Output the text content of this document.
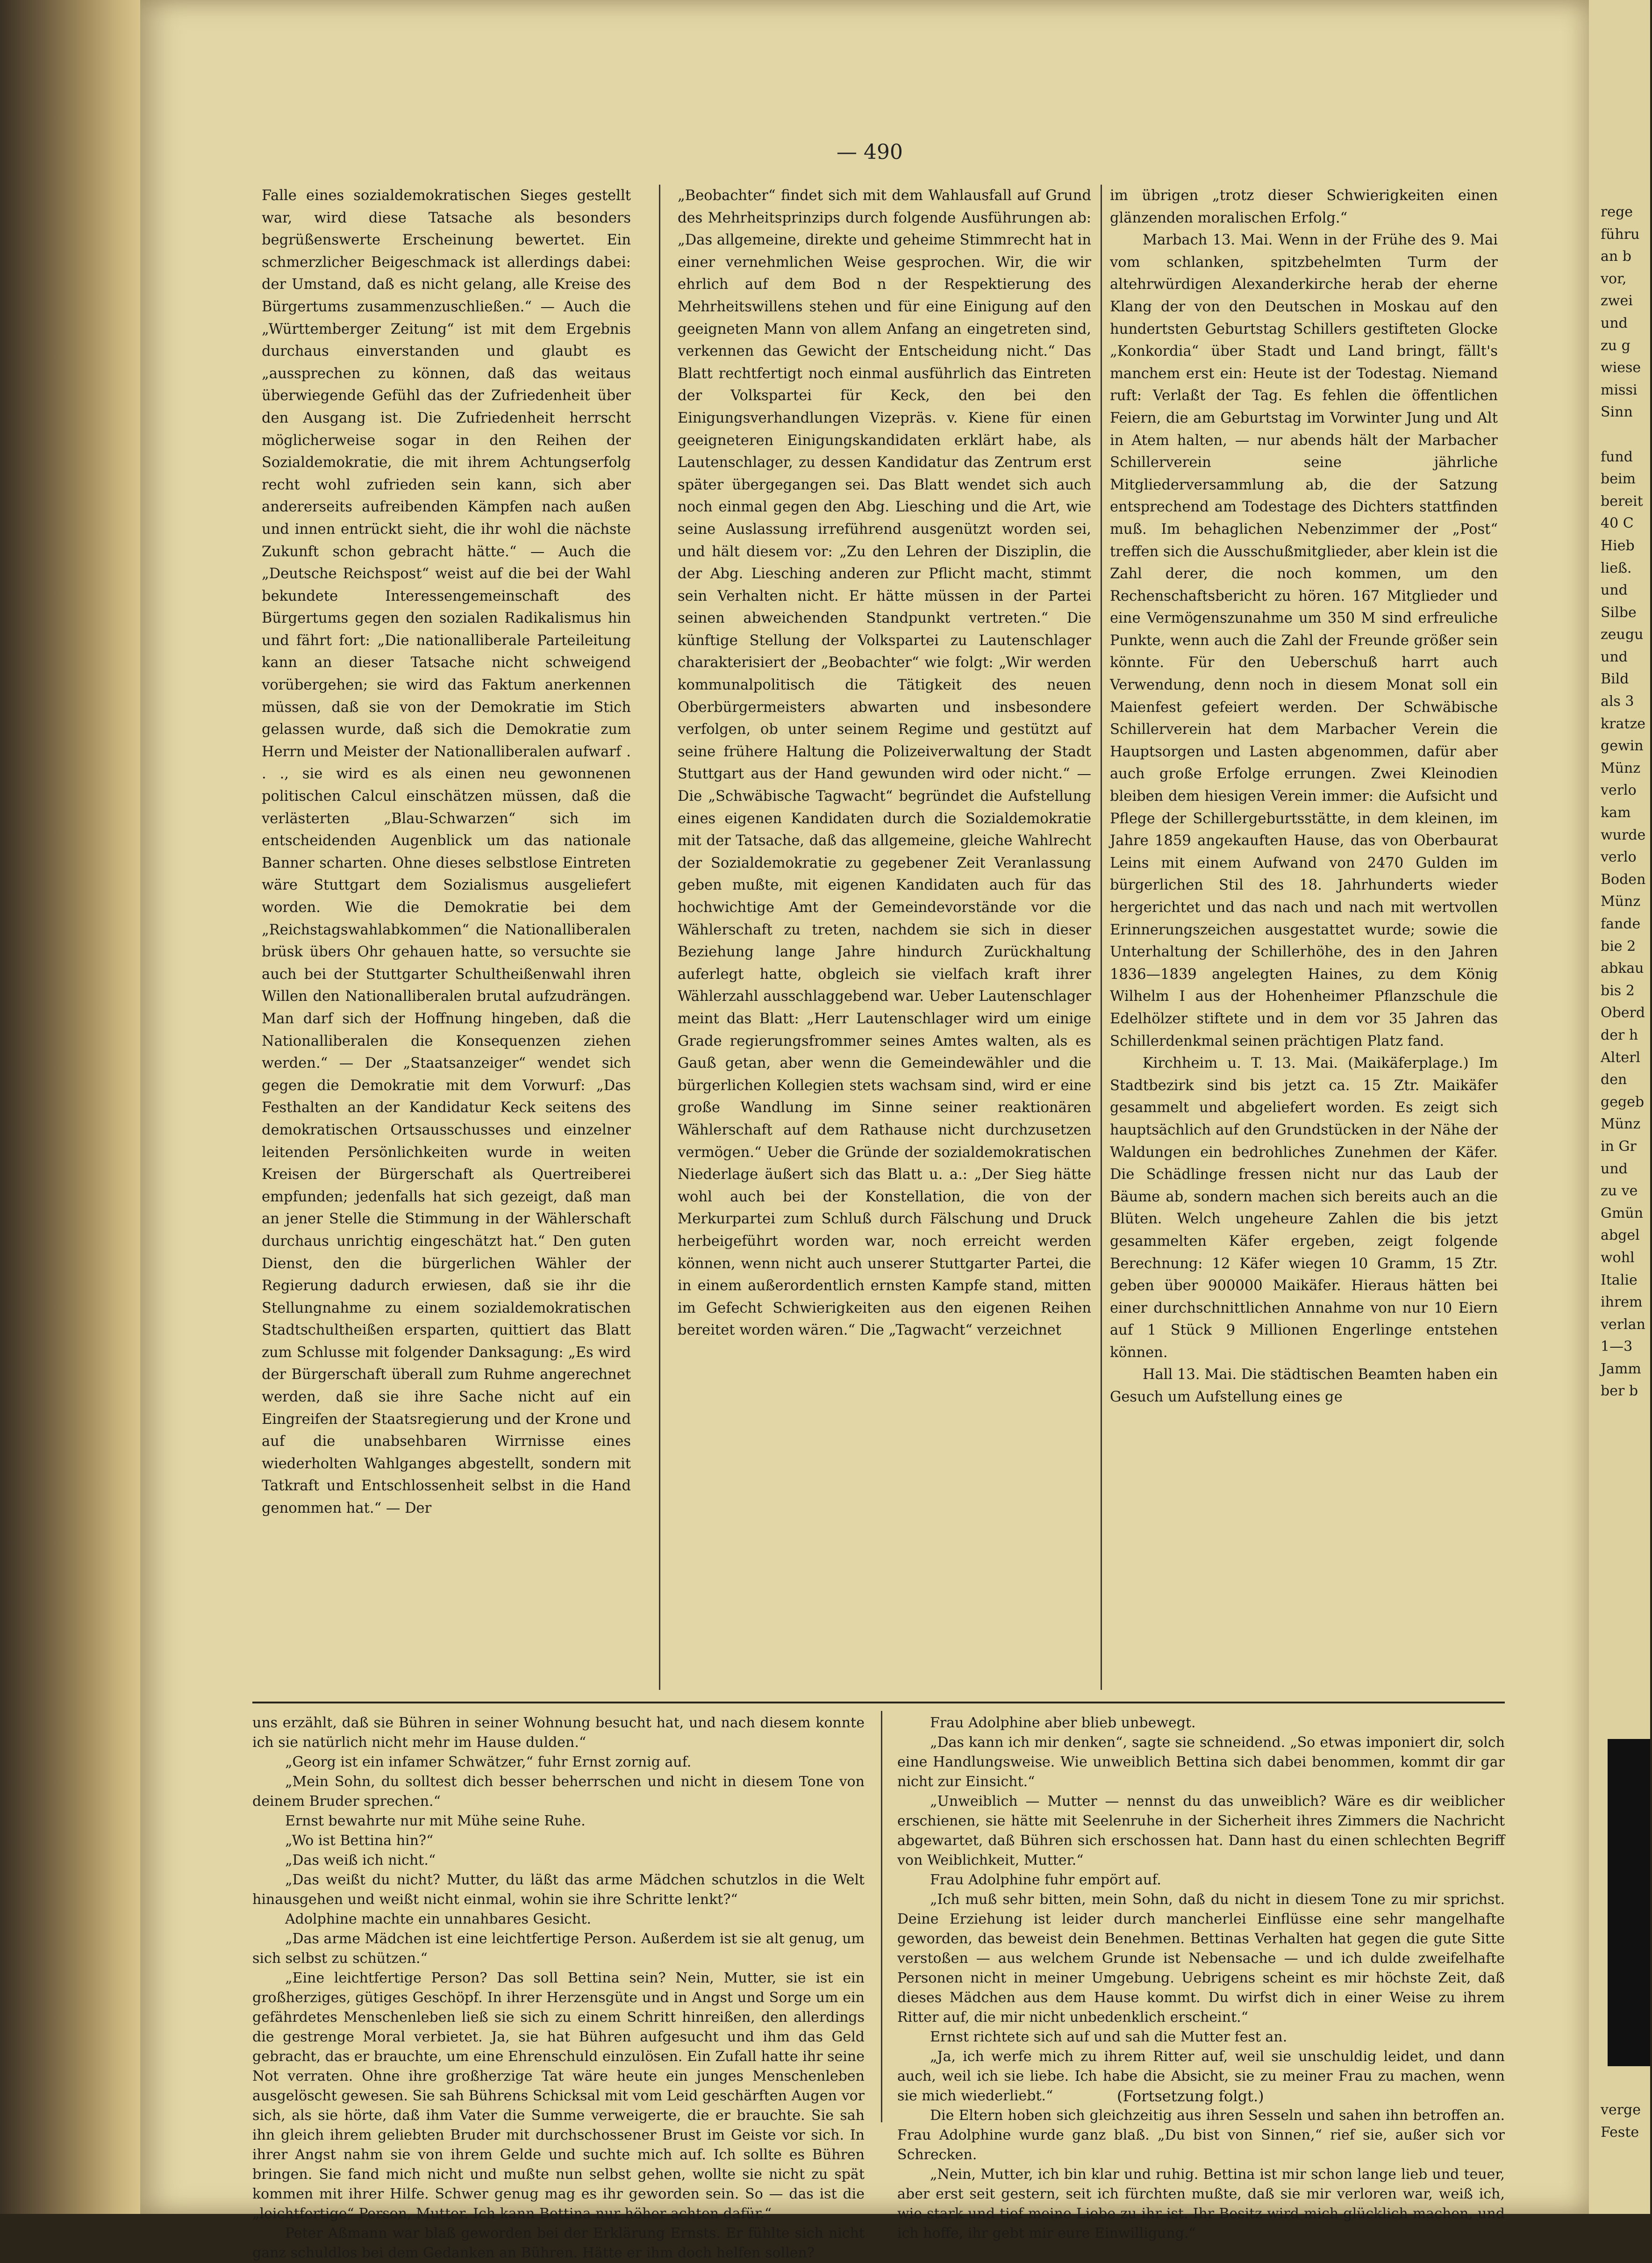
— 490

Falle eines sozialdemokratischen Sieges gestellt war, wird diese Tatsache als besonders begrüßenswerte Erscheinung bewertet. Ein schmerzlicher Beigeschmack ist allerdings dabei: der Umstand, daß es nicht gelang, alle Kreise des Bürgertums zusammenzuschließen.“ — Auch die „Württemberger Zeitung“ ist mit dem Ergebnis durchaus einverstanden und glaubt es „aussprechen zu können, daß das weitaus überwiegende Gefühl das der Zufriedenheit über den Ausgang ist. Die Zufriedenheit herrscht möglicherweise sogar in den Reihen der Sozialdemokratie, die mit ihrem Achtungserfolg recht wohl zufrieden sein kann, sich aber andererseits aufreibenden Kämpfen nach außen und innen entrückt sieht, die ihr wohl die nächste Zukunft schon gebracht hätte.“ — Auch die „Deutsche Reichspost“ weist auf die bei der Wahl bekundete Interessengemeinschaft des Bürgertums gegen den sozialen Radikalismus hin und fährt fort: „Die nationalliberale Parteileitung kann an dieser Tatsache nicht schweigend vorübergehen; sie wird das Faktum anerkennen müssen, daß sie von der Demokratie im Stich gelassen wurde, daß sich die Demokratie zum Herrn und Meister der Nationalliberalen aufwarf . . ., sie wird es als einen neu gewonnenen politischen Calcul einschätzen müssen, daß die verlästerten „Blau-Schwarzen“ sich im entscheidenden Augenblick um das nationale Banner scharten. Ohne dieses selbstlose Eintreten wäre Stuttgart dem Sozialismus ausgeliefert worden. Wie die Demokratie bei dem „Reichstagswahlabkommen“ die Nationalliberalen brüsk übers Ohr gehauen hatte, so versuchte sie auch bei der Stuttgarter Schultheißenwahl ihren Willen den Nationalliberalen brutal aufzudrängen. Man darf sich der Hoffnung hingeben, daß die Nationalliberalen die Konsequenzen ziehen werden.“ — Der „Staatsanzeiger“ wendet sich gegen die Demokratie mit dem Vorwurf: „Das Festhalten an der Kandidatur Keck seitens des demokratischen Ortsausschusses und einzelner leitenden Persönlichkeiten wurde in weiten Kreisen der Bürgerschaft als Quertreiberei empfunden; jedenfalls hat sich gezeigt, daß man an jener Stelle die Stimmung in der Wählerschaft durchaus unrichtig eingeschätzt hat.“ Den guten Dienst, den die bürgerlichen Wähler der Regierung dadurch erwiesen, daß sie ihr die Stellungnahme zu einem sozialdemokratischen Stadtschultheißen ersparten, quittiert das Blatt zum Schlusse mit folgender Danksagung: „Es wird der Bürgerschaft überall zum Ruhme angerechnet werden, daß sie ihre Sache nicht auf ein Eingreifen der Staatsregierung und der Krone und auf die unabsehbaren Wirrnisse eines wiederholten Wahlganges abgestellt, sondern mit Tatkraft und Entschlossenheit selbst in die Hand genommen hat.“ — Der

„Beobachter“ findet sich mit dem Wahlausfall auf Grund des Mehrheitsprinzips durch folgende Ausführungen ab: „Das allgemeine, direkte und geheime Stimmrecht hat in einer vernehmlichen Weise gesprochen. Wir, die wir ehrlich auf dem Bod n der Respektierung des Mehrheitswillens stehen und für eine Einigung auf den geeigneten Mann von allem Anfang an eingetreten sind, verkennen das Gewicht der Entscheidung nicht.“ Das Blatt rechtfertigt noch einmal ausführlich das Eintreten der Volkspartei für Keck, den bei den Einigungsverhandlungen Vizepräs. v. Kiene für einen geeigneteren Einigungskandidaten erklärt habe, als Lautenschlager, zu dessen Kandidatur das Zentrum erst später übergegangen sei. Das Blatt wendet sich auch noch einmal gegen den Abg. Liesching und die Art, wie seine Auslassung irreführend ausgenützt worden sei, und hält diesem vor: „Zu den Lehren der Disziplin, die der Abg. Liesching anderen zur Pflicht macht, stimmt sein Verhalten nicht. Er hätte müssen in der Partei seinen abweichenden Standpunkt vertreten.“ Die künftige Stellung der Volkspartei zu Lautenschlager charakterisiert der „Beobachter“ wie folgt: „Wir werden kommunalpolitisch die Tätigkeit des neuen Oberbürgermeisters abwarten und insbesondere verfolgen, ob unter seinem Regime und gestützt auf seine frühere Haltung die Polizeiverwaltung der Stadt Stuttgart aus der Hand gewunden wird oder nicht.“ — Die „Schwäbische Tagwacht“ begründet die Aufstellung eines eigenen Kandidaten durch die Sozialdemokratie mit der Tatsache, daß das allgemeine, gleiche Wahlrecht der Sozialdemokratie zu gegebener Zeit Veranlassung geben mußte, mit eigenen Kandidaten auch für das hochwichtige Amt der Gemeindevorstände vor die Wählerschaft zu treten, nachdem sie sich in dieser Beziehung lange Jahre hindurch Zurückhaltung auferlegt hatte, obgleich sie vielfach kraft ihrer Wählerzahl ausschlaggebend war. Ueber Lautenschlager meint das Blatt: „Herr Lautenschlager wird um einige Grade regierungsfrommer seines Amtes walten, als es Gauß getan, aber wenn die Gemeindewähler und die bürgerlichen Kollegien stets wachsam sind, wird er eine große Wandlung im Sinne seiner reaktionären Wählerschaft auf dem Rathause nicht durchzusetzen vermögen.“ Ueber die Gründe der sozialdemokratischen Niederlage äußert sich das Blatt u. a.: „Der Sieg hätte wohl auch bei der Konstellation, die von der Merkurpartei zum Schluß durch Fälschung und Druck herbeigeführt worden war, noch erreicht werden können, wenn nicht auch unserer Stuttgarter Partei, die in einem außerordentlich ernsten Kampfe stand, mitten im Gefecht Schwierigkeiten aus den eigenen Reihen bereitet worden wären.“ Die „Tagwacht“ verzeichnet

im übrigen „trotz dieser Schwierigkeiten einen glänzenden moralischen Erfolg.“

Marbach 13. Mai. Wenn in der Frühe des 9. Mai vom schlanken, spitzbehelmten Turm der altehrwürdigen Alexanderkirche herab der eherne Klang der von den Deutschen in Moskau auf den hundertsten Geburtstag Schillers gestifteten Glocke „Konkordia“ über Stadt und Land bringt, fällt's manchem erst ein: Heute ist der Todestag. Niemand ruft: Verlaßt der Tag. Es fehlen die öffentlichen Feiern, die am Geburtstag im Vorwinter Jung und Alt in Atem halten, — nur abends hält der Marbacher Schillerverein seine jährliche Mitgliederversammlung ab, die der Satzung entsprechend am Todestage des Dichters stattfinden muß. Im behaglichen Nebenzimmer der „Post“ treffen sich die Ausschußmitglieder, aber klein ist die Zahl derer, die noch kommen, um den Rechenschaftsbericht zu hören. 167 Mitglieder und eine Vermögenszunahme um 350 M sind erfreuliche Punkte, wenn auch die Zahl der Freunde größer sein könnte. Für den Ueberschuß harrt auch Verwendung, denn noch in diesem Monat soll ein Maienfest gefeiert werden. Der Schwäbische Schillerverein hat dem Marbacher Verein die Hauptsorgen und Lasten abgenommen, dafür aber auch große Erfolge errungen. Zwei Kleinodien bleiben dem hiesigen Verein immer: die Aufsicht und Pflege der Schillergeburtsstätte, in dem kleinen, im Jahre 1859 angekauften Hause, das von Oberbaurat Leins mit einem Aufwand von 2470 Gulden im bürgerlichen Stil des 18. Jahrhunderts wieder hergerichtet und das nach und nach mit wertvollen Erinnerungszeichen ausgestattet wurde; sowie die Unterhaltung der Schillerhöhe, des in den Jahren 1836—1839 angelegten Haines, zu dem König Wilhelm I aus der Hohenheimer Pflanzschule die Edelhölzer stiftete und in dem vor 35 Jahren das Schillerdenkmal seinen prächtigen Platz fand.

Kirchheim u. T. 13. Mai. (Maikäferplage.) Im Stadtbezirk sind bis jetzt ca. 15 Ztr. Maikäfer gesammelt und abgeliefert worden. Es zeigt sich hauptsächlich auf den Grundstücken in der Nähe der Waldungen ein bedrohliches Zunehmen der Käfer. Die Schädlinge fressen nicht nur das Laub der Bäume ab, sondern machen sich bereits auch an die Blüten. Welch ungeheure Zahlen die bis jetzt gesammelten Käfer ergeben, zeigt folgende Berechnung: 12 Käfer wiegen 10 Gramm, 15 Ztr. geben über 900000 Maikäfer. Hieraus hätten bei einer durchschnittlichen Annahme von nur 10 Eiern auf 1 Stück 9 Millionen Engerlinge entstehen können.

Hall 13. Mai. Die städtischen Beamten haben ein Gesuch um Aufstellung eines ge

uns erzählt, daß sie Bühren in seiner Wohnung besucht hat, und nach diesem konnte ich sie natürlich nicht mehr im Hause dulden.“

„Georg ist ein infamer Schwätzer,“ fuhr Ernst zornig auf.

„Mein Sohn, du solltest dich besser beherrschen und nicht in diesem Tone von deinem Bruder sprechen.“

Ernst bewahrte nur mit Mühe seine Ruhe.

„Wo ist Bettina hin?“

„Das weiß ich nicht.“

„Das weißt du nicht? Mutter, du läßt das arme Mädchen schutzlos in die Welt hinausgehen und weißt nicht einmal, wohin sie ihre Schritte lenkt?“

Adolphine machte ein unnahbares Gesicht.

„Das arme Mädchen ist eine leichtfertige Person. Außerdem ist sie alt genug, um sich selbst zu schützen.“

„Eine leichtfertige Person? Das soll Bettina sein? Nein, Mutter, sie ist ein großherziges, gütiges Geschöpf. In ihrer Herzensgüte und in Angst und Sorge um ein gefährdetes Menschenleben ließ sie sich zu einem Schritt hinreißen, den allerdings die gestrenge Moral verbietet. Ja, sie hat Bühren aufgesucht und ihm das Geld gebracht, das er brauchte, um eine Ehrenschuld einzulösen. Ein Zufall hatte ihr seine Not verraten. Ohne ihre großherzige Tat wäre heute ein junges Menschenleben ausgelöscht gewesen. Sie sah Bührens Schicksal mit vom Leid geschärften Augen vor sich, als sie hörte, daß ihm Vater die Summe verweigerte, die er brauchte. Sie sah ihn gleich ihrem geliebten Bruder mit durchschossener Brust im Geiste vor sich. In ihrer Angst nahm sie von ihrem Gelde und suchte mich auf. Ich sollte es Bühren bringen. Sie fand mich nicht und mußte nun selbst gehen, wollte sie nicht zu spät kommen mit ihrer Hilfe. Schwer genug mag es ihr geworden sein. So — das ist die „leichtfertige“ Person, Mutter. Ich kann Bettina nur höher achten dafür.“

Peter Aßmann war blaß geworden bei der Erklärung Ernsts. Er fühlte sich nicht ganz schuldlos bei dem Gedanken an Bühren. Hätte er ihm doch helfen sollen?

Frau Adolphine aber blieb unbewegt.

„Das kann ich mir denken“, sagte sie schneidend. „So etwas imponiert dir, solch eine Handlungsweise. Wie unweiblich Bettina sich dabei benommen, kommt dir gar nicht zur Einsicht.“

„Unweiblich — Mutter — nennst du das unweiblich? Wäre es dir weiblicher erschienen, sie hätte mit Seelenruhe in der Sicherheit ihres Zimmers die Nachricht abgewartet, daß Bühren sich erschossen hat. Dann hast du einen schlechten Begriff von Weiblichkeit, Mutter.“

Frau Adolphine fuhr empört auf.

„Ich muß sehr bitten, mein Sohn, daß du nicht in diesem Tone zu mir sprichst. Deine Erziehung ist leider durch mancherlei Einflüsse eine sehr mangelhafte geworden, das beweist dein Benehmen. Bettinas Verhalten hat gegen die gute Sitte verstoßen — aus welchem Grunde ist Nebensache — und ich dulde zweifelhafte Personen nicht in meiner Umgebung. Uebrigens scheint es mir höchste Zeit, daß dieses Mädchen aus dem Hause kommt. Du wirfst dich in einer Weise zu ihrem Ritter auf, die mir nicht unbedenklich erscheint.“

Ernst richtete sich auf und sah die Mutter fest an.

„Ja, ich werfe mich zu ihrem Ritter auf, weil sie unschuldig leidet, und dann auch, weil ich sie liebe. Ich habe die Absicht, sie zu meiner Frau zu machen, wenn sie mich wiederliebt.“

Die Eltern hoben sich gleichzeitig aus ihren Sesseln und sahen ihn betroffen an. Frau Adolphine wurde ganz blaß. „Du bist von Sinnen,“ rief sie, außer sich vor Schrecken.

„Nein, Mutter, ich bin klar und ruhig. Bettina ist mir schon lange lieb und teuer, aber erst seit gestern, seit ich fürchten mußte, daß sie mir verloren war, weiß ich, wie stark und tief meine Liebe zu ihr ist. Ihr Besitz wird mich glücklich machen, und ich hoffe, ihr gebt mir eure Einwilligung.“

(Fortsetzung folgt.)
rege
führu
an b
vor,
zwei
und
zu g
wiese
missi
Sinn

fund
beim
bereit
40 C
Hieb
ließ.
und
Silbe
zeugu
und
Bild
als 3
kratze
gewin
Münz
verlo
kam
wurde
verlo
Boden
Münz
fande
bie 2
abkau
bis 2
Oberd
der h
Alterl
den
gegeb
Münz
in Gr
und
zu ve
Gmün
abgel
wohl
Italie
ihrem
verlan
1—3
Jamm
ber b
verge
Feste
